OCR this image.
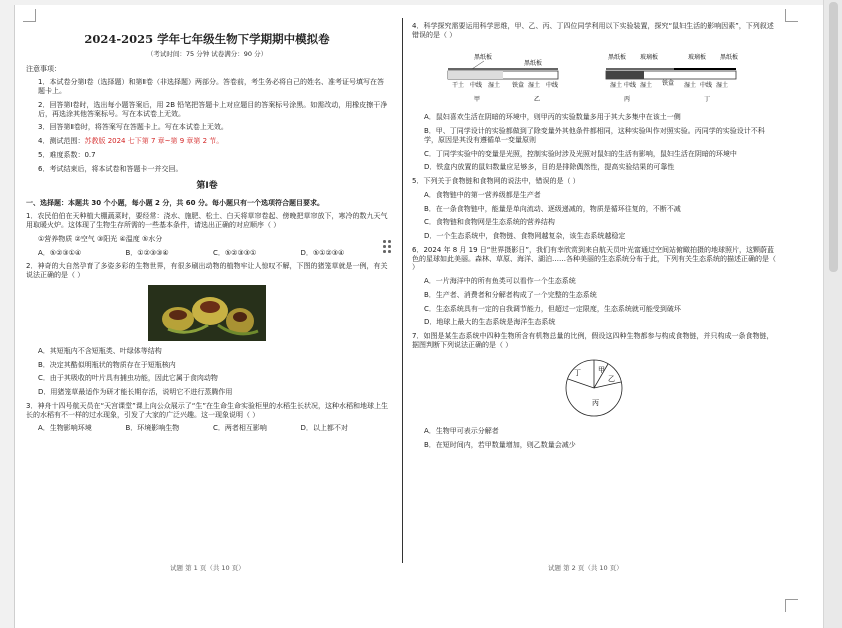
2024-2025 学年七年级生物下学期期中模拟卷
（考试时间：75 分钟 试卷满分：90 分）
注意事项：
1．本试卷分第Ⅰ卷（选择题）和第Ⅱ卷（非选择题）两部分。答卷前，考生务必将自己的姓名、准考证号填写在答题卡上。
2．回答第Ⅰ卷时，选出每小题答案后，用 2B 铅笔把答题卡上对应题目的答案标号涂黑。如需改动，用橡皮擦干净后，再选涂其他答案标号。写在本试卷上无效。
3．回答第Ⅱ卷时，将答案写在答题卡上。写在本试卷上无效。
4．测试范围：苏教版 2024 七下第 7 章~第 9 章第 2 节。
5．难度系数：0.7
6．考试结束后，将本试卷和答题卡一并交回。
第Ⅰ卷
一、选择题：本题共 30 个小题，每小题 2 分，共 60 分。每小题只有一个选项符合题目要求。
1．农民伯伯在天种植大棚蔬菜时，要经常：浇水、施肥、松土、白天将草帘卷起、傍晚把草帘放下，寒冷的数九天气用取暖火炉。这体现了生物生存所需的一些基本条件，请选出正确的对应顺序（ ）
①营养物质 ②空气 ③阳光 ④温度 ⑤水分
A．⑤②③①④	B．①②③③④	C．⑤②③③①	D．⑤①②③④
2．神奇的大自然孕育了多姿多彩的生物世界，有很多刷出动物的植物牢让人惊叹不解，下图的猪笼草就是一例，有关说法正确的是（ ）
A．其短瓶内不含短瓶类、叶绿体等结构
B．决定其酷似明瓶状的物质存在于短瓶核内
C．由于其吸收的叶片具有捕虫功能，因此它属于食肉动物
D．用猪笼草最适作为研才能长期存活，说明它不进行蒸腾作用
3．神舟十四号航天员在“天宫课堂”课上向公众展示了“生”在生命生命实验柜里的水稻生长状况，这种水稻和地球上生长的水稻有不一样的过水现象，引发了大家的广泛兴趣。这一现象说明（ ）
A．生物影响环境	B．环境影响生物	C．两者相互影响	D．以上都不对
4．科学探究需要运用科学思维，甲、乙、丙、丁四位同学利用以下实验装置，探究“鼠妇生活的影响因素”，下列叙述错误的是（ ）
黑纸板
干土 中线 湿土 铁盒
甲
黑纸板
乙
湿土 中线
黑纸板 玻璃板	玻璃板 黑纸板
湿土 中线 湿土 铁盒 湿土 中线 湿土
丙	丁
A．鼠妇喜欢生活在阴暗的环境中，则甲丙的实验数量多用于其大多集中在该土一侧
B．甲、丁同学设计的实验都做到了除变量外其他条件都相同，这种实验叫作对照实验。丙同学的实验设计不科学，原因是其没有遵循单一变量原则
C．丁同学实验中的变量是光照，控制实验时涉及光照对鼠妇的生活有影响，鼠妇生活在阴暗的环境中
D．铁盒内放置的鼠妇数量应足够多，目的是排除偶然性，提高实验结果的可靠性
5．下列关于食物链和食物网的说法中，错误的是（ ）
A．食物链中的第一营养级都是生产者
B．在一条食物链中，能量是单向流动、逐级递减的，物质是循环往复的，不断不减
C．食物链和食物网是生态系统的营养结构
D．一个生态系统中，食物链、食物网越复杂，该生态系统越稳定
6．2024 年 8 月 19 日“世界摄影日”，我们有幸欣赏到来自航天员叶光富通过空间站俯瞰拍摄的地球照片，这颗蔚蓝色的星球如此美丽。森林、草原、海洋、湖泊……各种美丽的生态系统分布于此，下列有关生态系统的描述正确的是（ ）
A．一片海洋中的所有鱼类可以看作一个生态系统
B．生产者、消费者和分解者构成了一个完整的生态系统
C．生态系统具有一定的自我调节能力，但超过一定限度，生态系统就可能受到破坏
D．地球上最大的生态系统是海洋生态系统
7．如图是某生态系统中四种生物所含有机物总量的比例，假设这四种生物都参与构成食物链，并只构成一条食物链，据图判断下列说法正确的是（ ）
甲
乙
丙
丁
A．生物甲可表示分解者
B．在短时间内，若甲数量增加，则乙数量会减少
试题 第 1 页（共 10 页）	试题 第 2 页（共 10 页）
